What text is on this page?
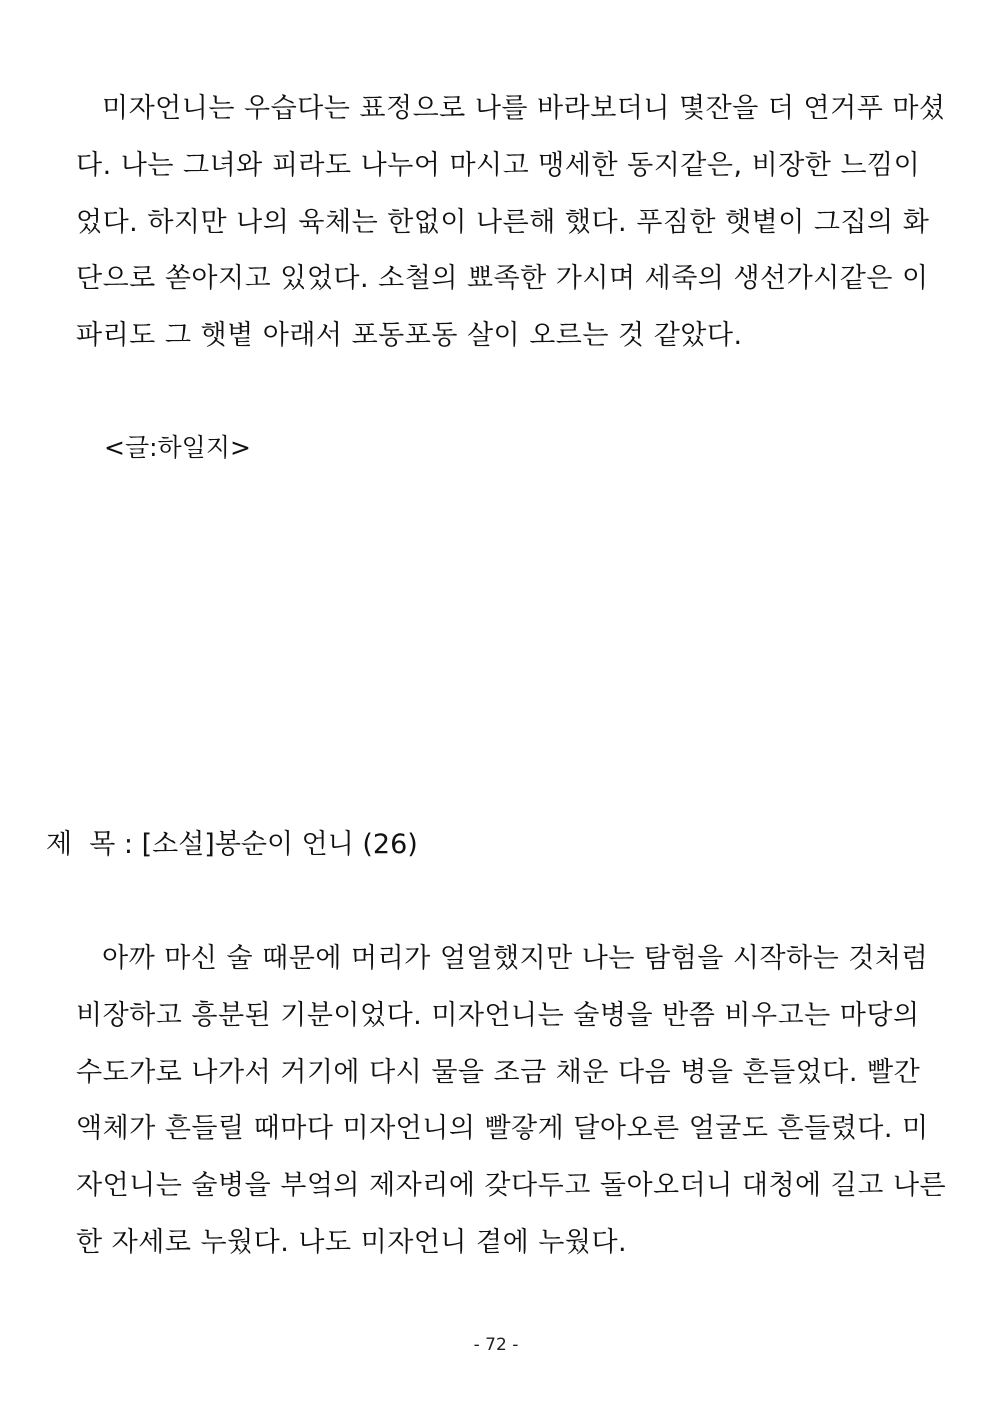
미자언니는 우습다는 표정으로 나를 바라보더니 몇잔을 더 연거푸 마셨
다. 나는 그녀와 피라도 나누어 마시고 맹세한 동지같은, 비장한 느낌이
었다. 하지만 나의 육체는 한없이 나른해 했다. 푸짐한 햇볕이 그집의 화
단으로 쏟아지고 있었다. 소철의 뾰족한 가시며 세죽의 생선가시같은 이
파리도 그 햇볕 아래서 포동포동 살이 오르는 것 같았다.
<글:하일지>
제  목 : [소설]봉순이 언니 (26)
아까 마신 술 때문에 머리가 얼얼했지만 나는 탐험을 시작하는 것처럼
비장하고 흥분된 기분이었다. 미자언니는 술병을 반쯤 비우고는 마당의
수도가로 나가서 거기에 다시 물을 조금 채운 다음 병을 흔들었다. 빨간
액체가 흔들릴 때마다 미자언니의 빨갛게 달아오른 얼굴도 흔들렸다. 미
자언니는 술병을 부엌의 제자리에 갖다두고 돌아오더니 대청에 길고 나른
한 자세로 누웠다. 나도 미자언니 곁에 누웠다.
- 72 -
